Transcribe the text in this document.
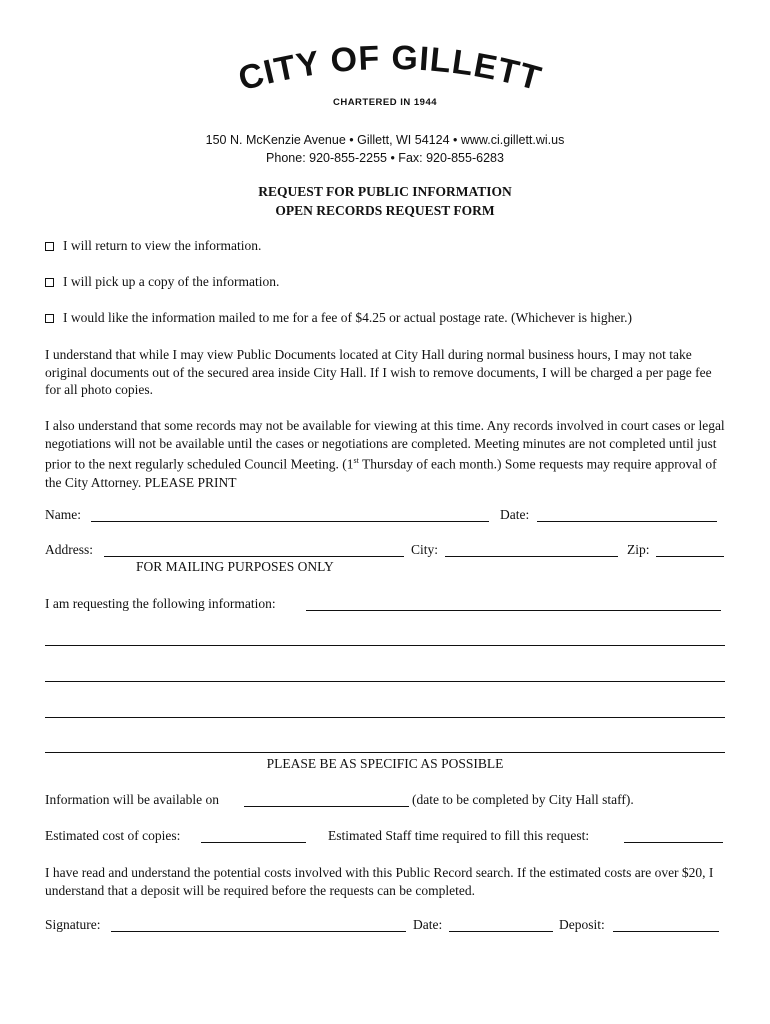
CITY OF GILLETT
CHARTERED IN 1944
150 N. McKenzie Avenue • Gillett, WI 54124 • www.ci.gillett.wi.us
Phone: 920-855-2255 • Fax: 920-855-6283
REQUEST FOR PUBLIC INFORMATION
OPEN RECORDS REQUEST FORM
I will return to view the information.
I will pick up a copy of the information.
I would like the information mailed to me for a fee of $4.25 or actual postage rate. (Whichever is higher.)
I understand that while I may view Public Documents located at City Hall during normal business hours, I may not take original documents out of the secured area inside City Hall. If I wish to remove documents, I will be charged a per page fee for all photo copies.
I also understand that some records may not be available for viewing at this time. Any records involved in court cases or legal negotiations will not be available until the cases or negotiations are completed. Meeting minutes are not completed until just prior to the next regularly scheduled Council Meeting. (1st Thursday of each month.) Some requests may require approval of the City Attorney. PLEASE PRINT
Name:	Date:
Address:	City:	Zip:
FOR MAILING PURPOSES ONLY
I am requesting the following information:
PLEASE BE AS SPECIFIC AS POSSIBLE
Information will be available on	(date to be completed by City Hall staff).
Estimated cost of copies:	Estimated Staff time required to fill this request:
I have read and understand the potential costs involved with this Public Record search. If the estimated costs are over $20, I understand that a deposit will be required before the requests can be completed.
Signature:	Date:	Deposit:
